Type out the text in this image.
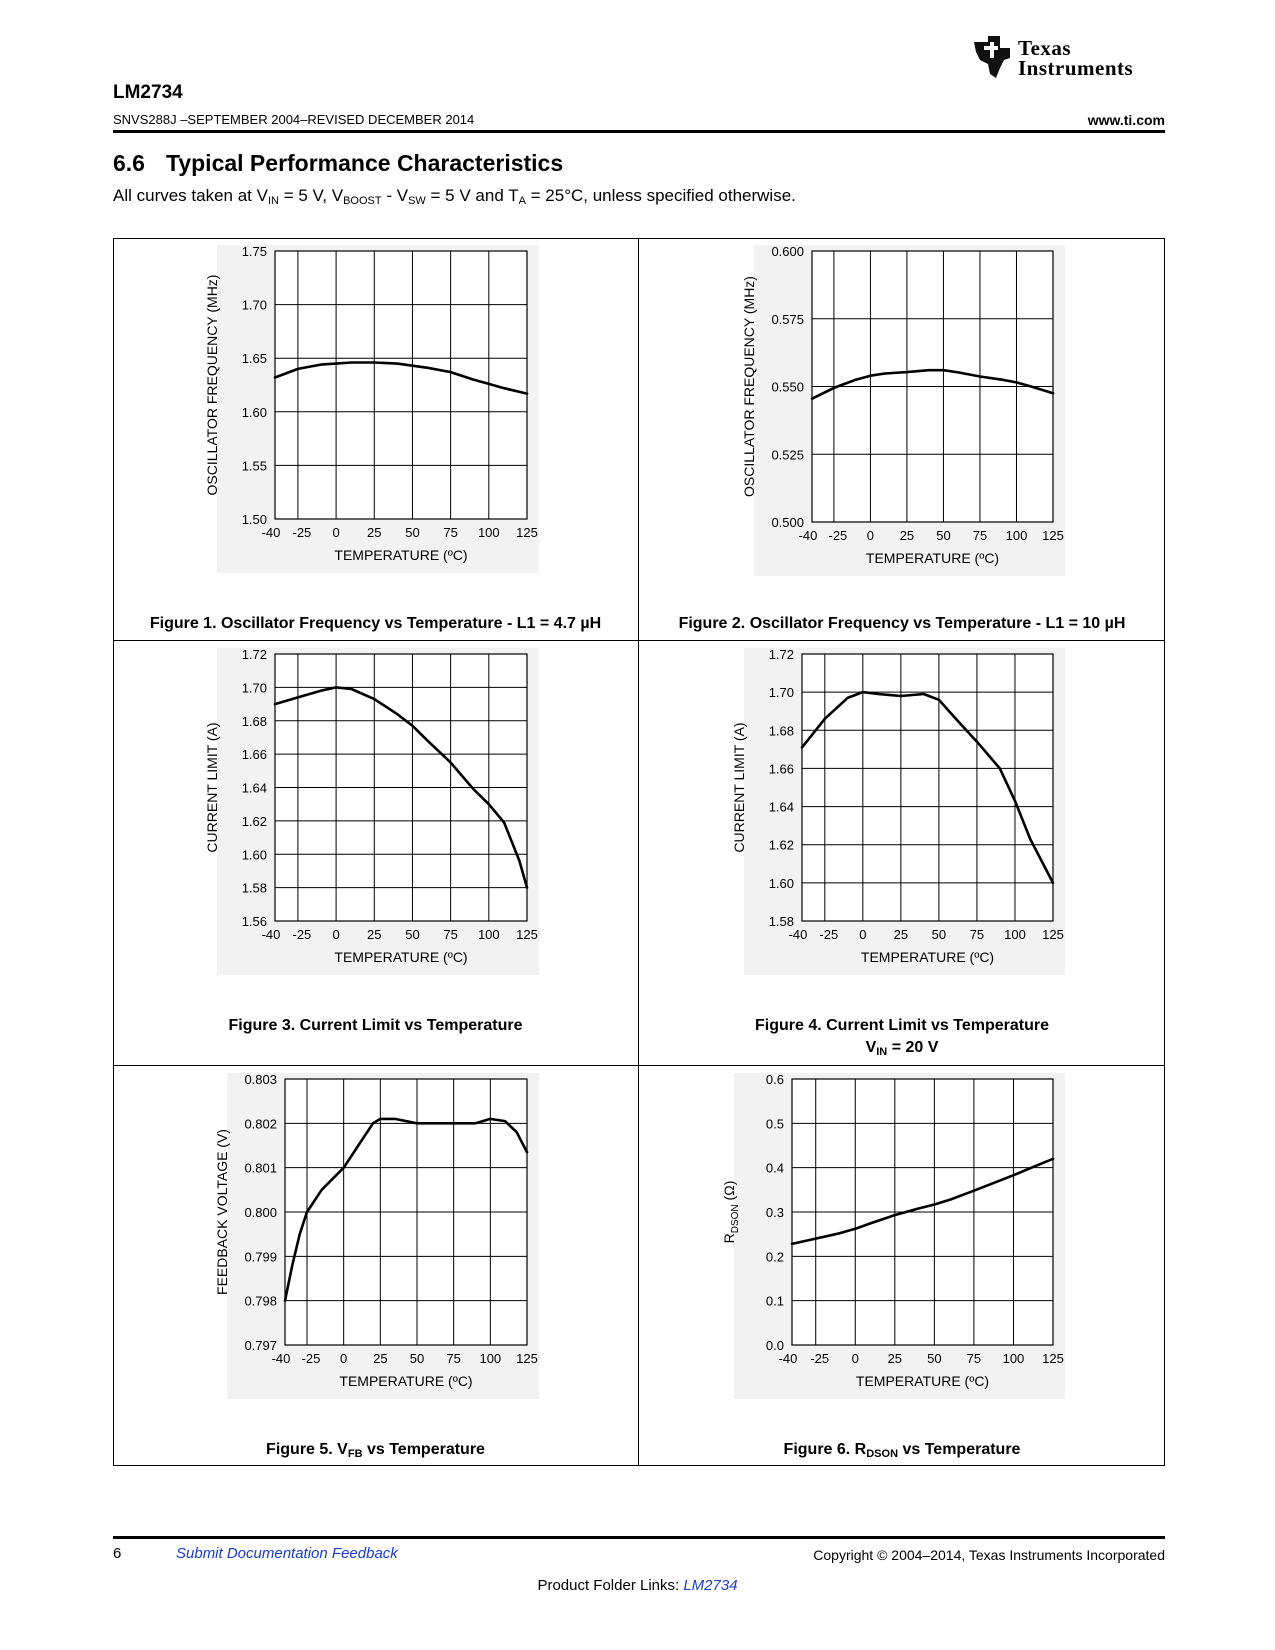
Texas
Instruments
LM2734
SNVS288J –SEPTEMBER 2004–REVISED DECEMBER 2014	www.ti.com
6.6 Typical Performance Characteristics
All curves taken at $V_{IN} = 5$ V, $V_{BOOST} - V_{SW} = 5$ V and $T_A = 25^\circ C$, unless specified otherwise.
-40 -25 0 25 50 75 100 125
1.50
1.55
1.60
1.65
1.70
1.75
TEMPERATURE (ºC)
OSCILLATOR FREQUENCY (MHz)
-40 -25 0 25 50 75 100 125
0.500
0.525
0.550
0.575
0.600
TEMPERATURE (ºC)
OSCILLATOR FREQUENCY (MHz)
-40 -25 0 25 50 75 100 125
1.56
1.58
1.60
1.62
1.64
1.66
1.68
1.70
1.72
TEMPERATURE (ºC)
CURRENT LIMIT (A)
-40 -25 0 25 50 75 100 125
1.58
1.60
1.62
1.64
1.66
1.68
1.70
1.72
TEMPERATURE (ºC)
CURRENT LIMIT (A)
-40 -25 0 25 50 75 100 125
0.797
0.798
0.799
0.800
0.801
0.802
0.803
TEMPERATURE (ºC)
FEEDBACK VOLTAGE (V)
-40 -25 0 25 50 75 100 125
0.0
0.1
0.2
0.3
0.4
0.5
0.6
TEMPERATURE (ºC)
$R_{DSON}$ (Ω)
Figure 1. Oscillator Frequency vs Temperature - L1 = 4.7 µH	Figure 2. Oscillator Frequency vs Temperature - L1 = 10 µH
Figure 3. Current Limit vs Temperature	Figure 4. Current Limit vs Temperature
$V_{IN} = 20$ V
Figure 5. $V_{FB}$ vs Temperature	Figure 6. $R_{DSON}$ vs Temperature
6	Submit Documentation Feedback	Copyright © 2004–2014, Texas Instruments Incorporated
Product Folder Links: LM2734
